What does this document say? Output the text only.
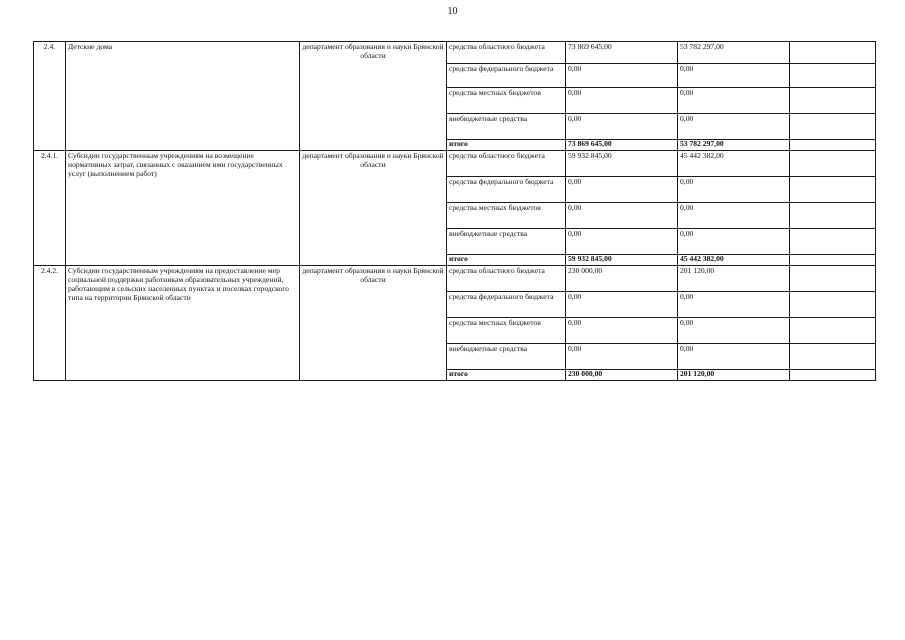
10
2.4.	Детские дома	департамент образования и науки Брянской области	средства областного бюджета	73 869 645,00	53 782 297,00	
			средства федерального бюджета	0,00	0,00	
			средства местных бюджетов	0,00	0,00	
			внебюджетные средства	0,00	0,00	
			итого	73 869 645,00	53 782 297,00	
2.4.1.	Субсидии государственным учреждениям на возмещение нормативных затрат, связанных с оказанием ими государственных услуг (выполнением работ)	департамент образования и науки Брянской области	средства областного бюджета	59 932 845,00	45 442 382,00	
			средства федерального бюджета	0,00	0,00	
			средства местных бюджетов	0,00	0,00	
			внебюджетные средства	0,00	0,00	
			итого	59 932 845,00	45 442 382,00	
2.4.2.	Субсидии государственным учреждениям на предоставление мер социальной поддержки работникам образовательных учреждений, работающим в сельских населенных пунктах и поселках городского типа на территории Брянской области	департамент образования и науки Брянской области	средства областного бюджета	230 000,00	201 120,00	
			средства федерального бюджета	0,00	0,00	
			средства местных бюджетов	0,00	0,00	
			внебюджетные средства	0,00	0,00	
			итого	230 000,00	201 120,00	
